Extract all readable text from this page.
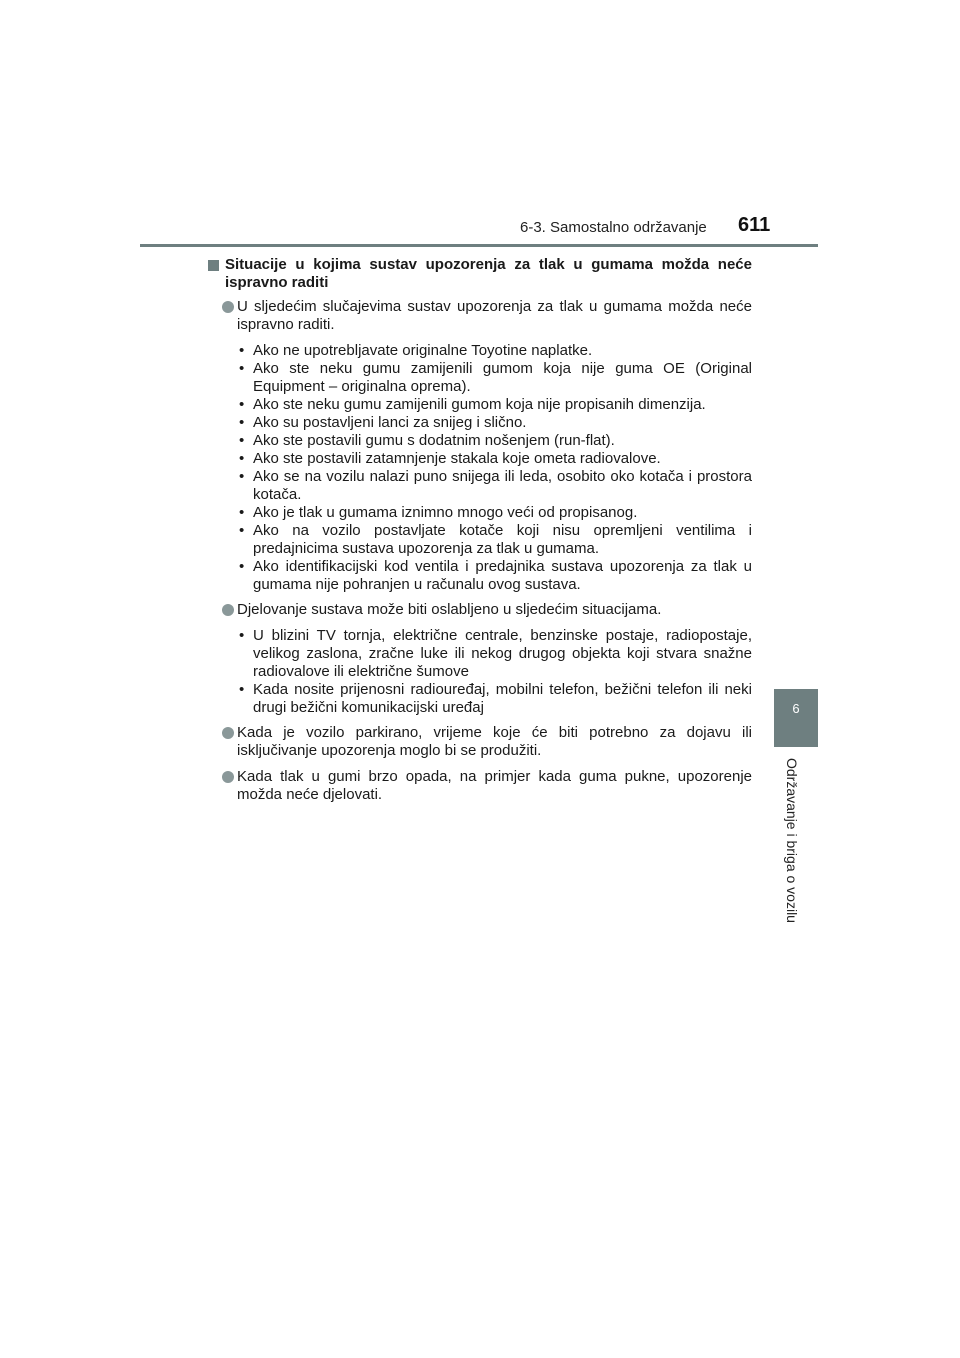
6-3. Samostalno održavanje 611
6
Održavanje i briga o vozilu

Situacije u kojima sustav upozorenja za tlak u gumama možda neće ispravno raditi

U sljedećim slučajevima sustav upozorenja za tlak u gumama možda neće ispravno raditi.

• Ako ne upotrebljavate originalne Toyotine naplatke.
• Ako ste neku gumu zamijenili gumom koja nije guma OE (Original Equipment – originalna oprema).
• Ako ste neku gumu zamijenili gumom koja nije propisanih dimenzija.
• Ako su postavljeni lanci za snijeg i slično.
• Ako ste postavili gumu s dodatnim nošenjem (run-flat).
• Ako ste postavili zatamnjenje stakala koje ometa radiovalove.
• Ako se na vozilu nalazi puno snijega ili leda, osobito oko kotača i prostora kotača.
• Ako je tlak u gumama iznimno mnogo veći od propisanog.
• Ako na vozilo postavljate kotače koji nisu opremljeni ventilima i predajnicima sustava upozorenja za tlak u gumama.
• Ako identifikacijski kod ventila i predajnika sustava upozorenja za tlak u gumama nije pohranjen u računalu ovog sustava.

Djelovanje sustava može biti oslabljeno u sljedećim situacijama.

• U blizini TV tornja, električne centrale, benzinske postaje, radiopostaje, velikog zaslona, zračne luke ili nekog drugog objekta koji stvara snažne radiovalove ili električne šumove
• Kada nosite prijenosni radiouređaj, mobilni telefon, bežični telefon ili neki drugi bežični komunikacijski uređaj

Kada je vozilo parkirano, vrijeme koje će biti potrebno za dojavu ili isključivanje upozorenja moglo bi se produžiti.

Kada tlak u gumi brzo opada, na primjer kada guma pukne, upozorenje možda neće djelovati.
